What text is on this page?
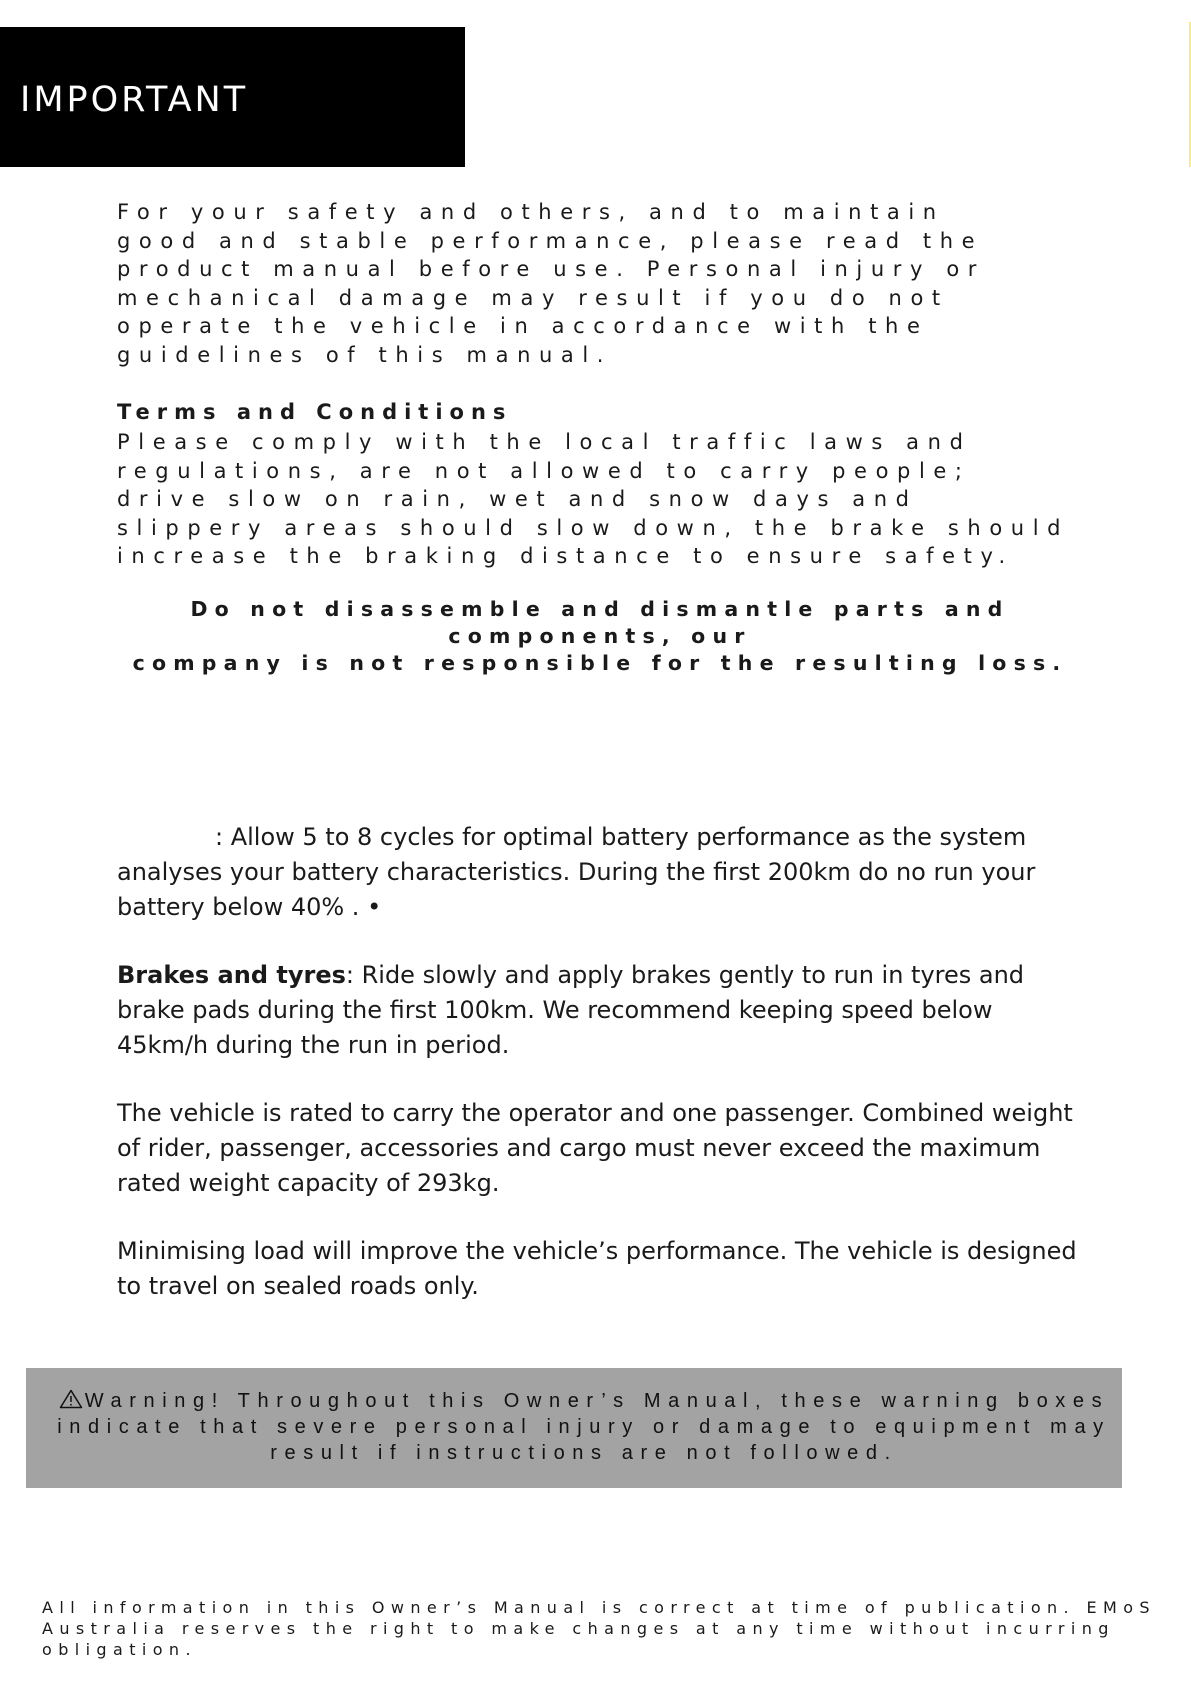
IMPORTANT

For your safety and others, and to maintain good and stable performance, please read the product manual before use. Personal injury or mechanical damage may result if you do not operate the vehicle in accordance with the guidelines of this manual.

Terms and Conditions

Please comply with the local traffic laws and regulations, are not allowed to carry people; drive slow on rain, wet and snow days and slippery areas should slow down, the brake should increase the braking distance to ensure safety.

Do not disassemble and dismantle parts and components, our
company is not responsible for the resulting loss.

: Allow 5 to 8 cycles for optimal battery performance as the system analyses your battery characteristics. During the first 200km do no run your battery below 40% . •

Brakes and tyres: Ride slowly and apply brakes gently to run in tyres and brake pads during the first 100km. We recommend keeping speed below 45km/h during the run in period.

The vehicle is rated to carry the operator and one passenger. Combined weight of rider, passenger, accessories and cargo must never exceed the maximum rated weight capacity of 293kg.

Minimising load will improve the vehicle’s performance. The vehicle is designed to travel on sealed roads only.

Warning! Throughout this Owner’s Manual, these warning boxes indicate that severe personal injury or damage to equipment may result if instructions are not followed.

All information in this Owner’s Manual is correct at time of publication. EMoS Australia reserves the right to make changes at any time without incurring obligation.
